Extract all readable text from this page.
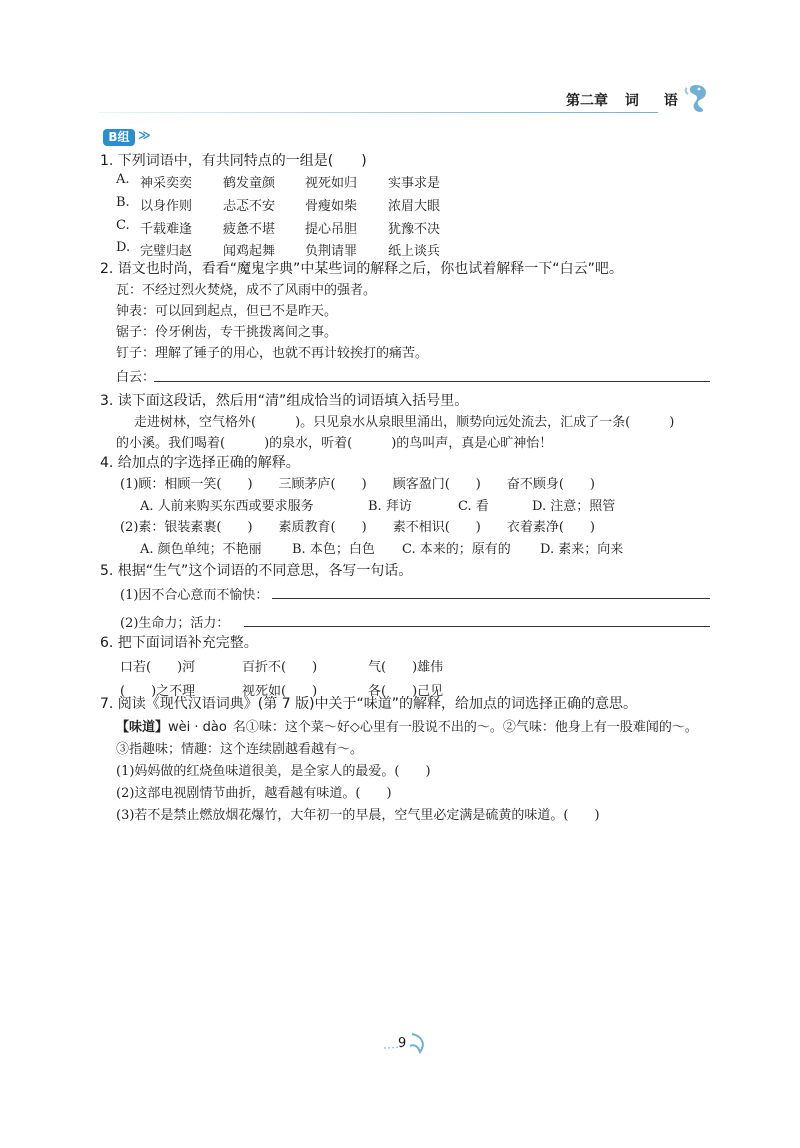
第二章 词 语
B组 ≫
1. 下列词语中，有共同特点的一组是(　　)
A. 神采奕奕 鹤发童颜 视死如归 实事求是
B. 以身作则 忐忑不安 骨瘦如柴 浓眉大眼
C. 千载难逢 疲惫不堪 提心吊胆 犹豫不决
D. 完璧归赵 闻鸡起舞 负荆请罪 纸上谈兵
2. 语文也时尚，看看“魔鬼字典”中某些词的解释之后，你也试着解释一下“白云”吧。
瓦：不经过烈火焚烧，成不了风雨中的强者。
钟表：可以回到起点，但已不是昨天。
锯子：伶牙俐齿，专干挑拨离间之事。
钉子：理解了锤子的用心，也就不再计较挨打的痛苦。
白云：
3. 读下面这段话，然后用“清”组成恰当的词语填入括号里。
走进树林，空气格外(　　　)。只见泉水从泉眼里涌出，顺势向远处流去，汇成了一条(　　　)
的小溪。我们喝着(　　　)的泉水，听着(　　　)的鸟叫声，真是心旷神怡！
4. 给加点的字选择正确的解释。
(1)顾：相顾一笑(　　)　　三顾茅庐(　　)　　顾客盈门(　　)　　奋不顾身(　　)
A. 人前来购买东西或要求服务	B. 拜访	C. 看	D. 注意；照管
(2)素：银装素裹(　　)　　素质教育(　　)　　素不相识(　　)　　衣着素净(　　)
A. 颜色单纯；不艳丽 B. 本色；白色 C. 本来的；原有的 D. 素来；向来
5. 根据“生气”这个词语的不同意思，各写一句话。
(1)因不合心意而不愉快：
(2)生命力；活力：
6. 把下面词语补充完整。
口若(　　)河	百折不(　　)	气(　　)雄伟
(　　)之不理	视死如(　　)	各(　　)己见
7. 阅读《现代汉语词典》(第 7 版)中关于“味道”的解释，给加点的词选择正确的意思。
【味道】wèi · dào 名①味：这个菜～好◇心里有一股说不出的～。②气味：他身上有一股难闻的～。
③指趣味；情趣：这个连续剧越看越有～。
(1)妈妈做的红烧鱼味道很美，是全家人的最爱。(　　)
(2)这部电视剧情节曲折，越看越有味道。(　　)
(3)若不是禁止燃放烟花爆竹，大年初一的早晨，空气里必定满是硫黄的味道。(　　)
9
